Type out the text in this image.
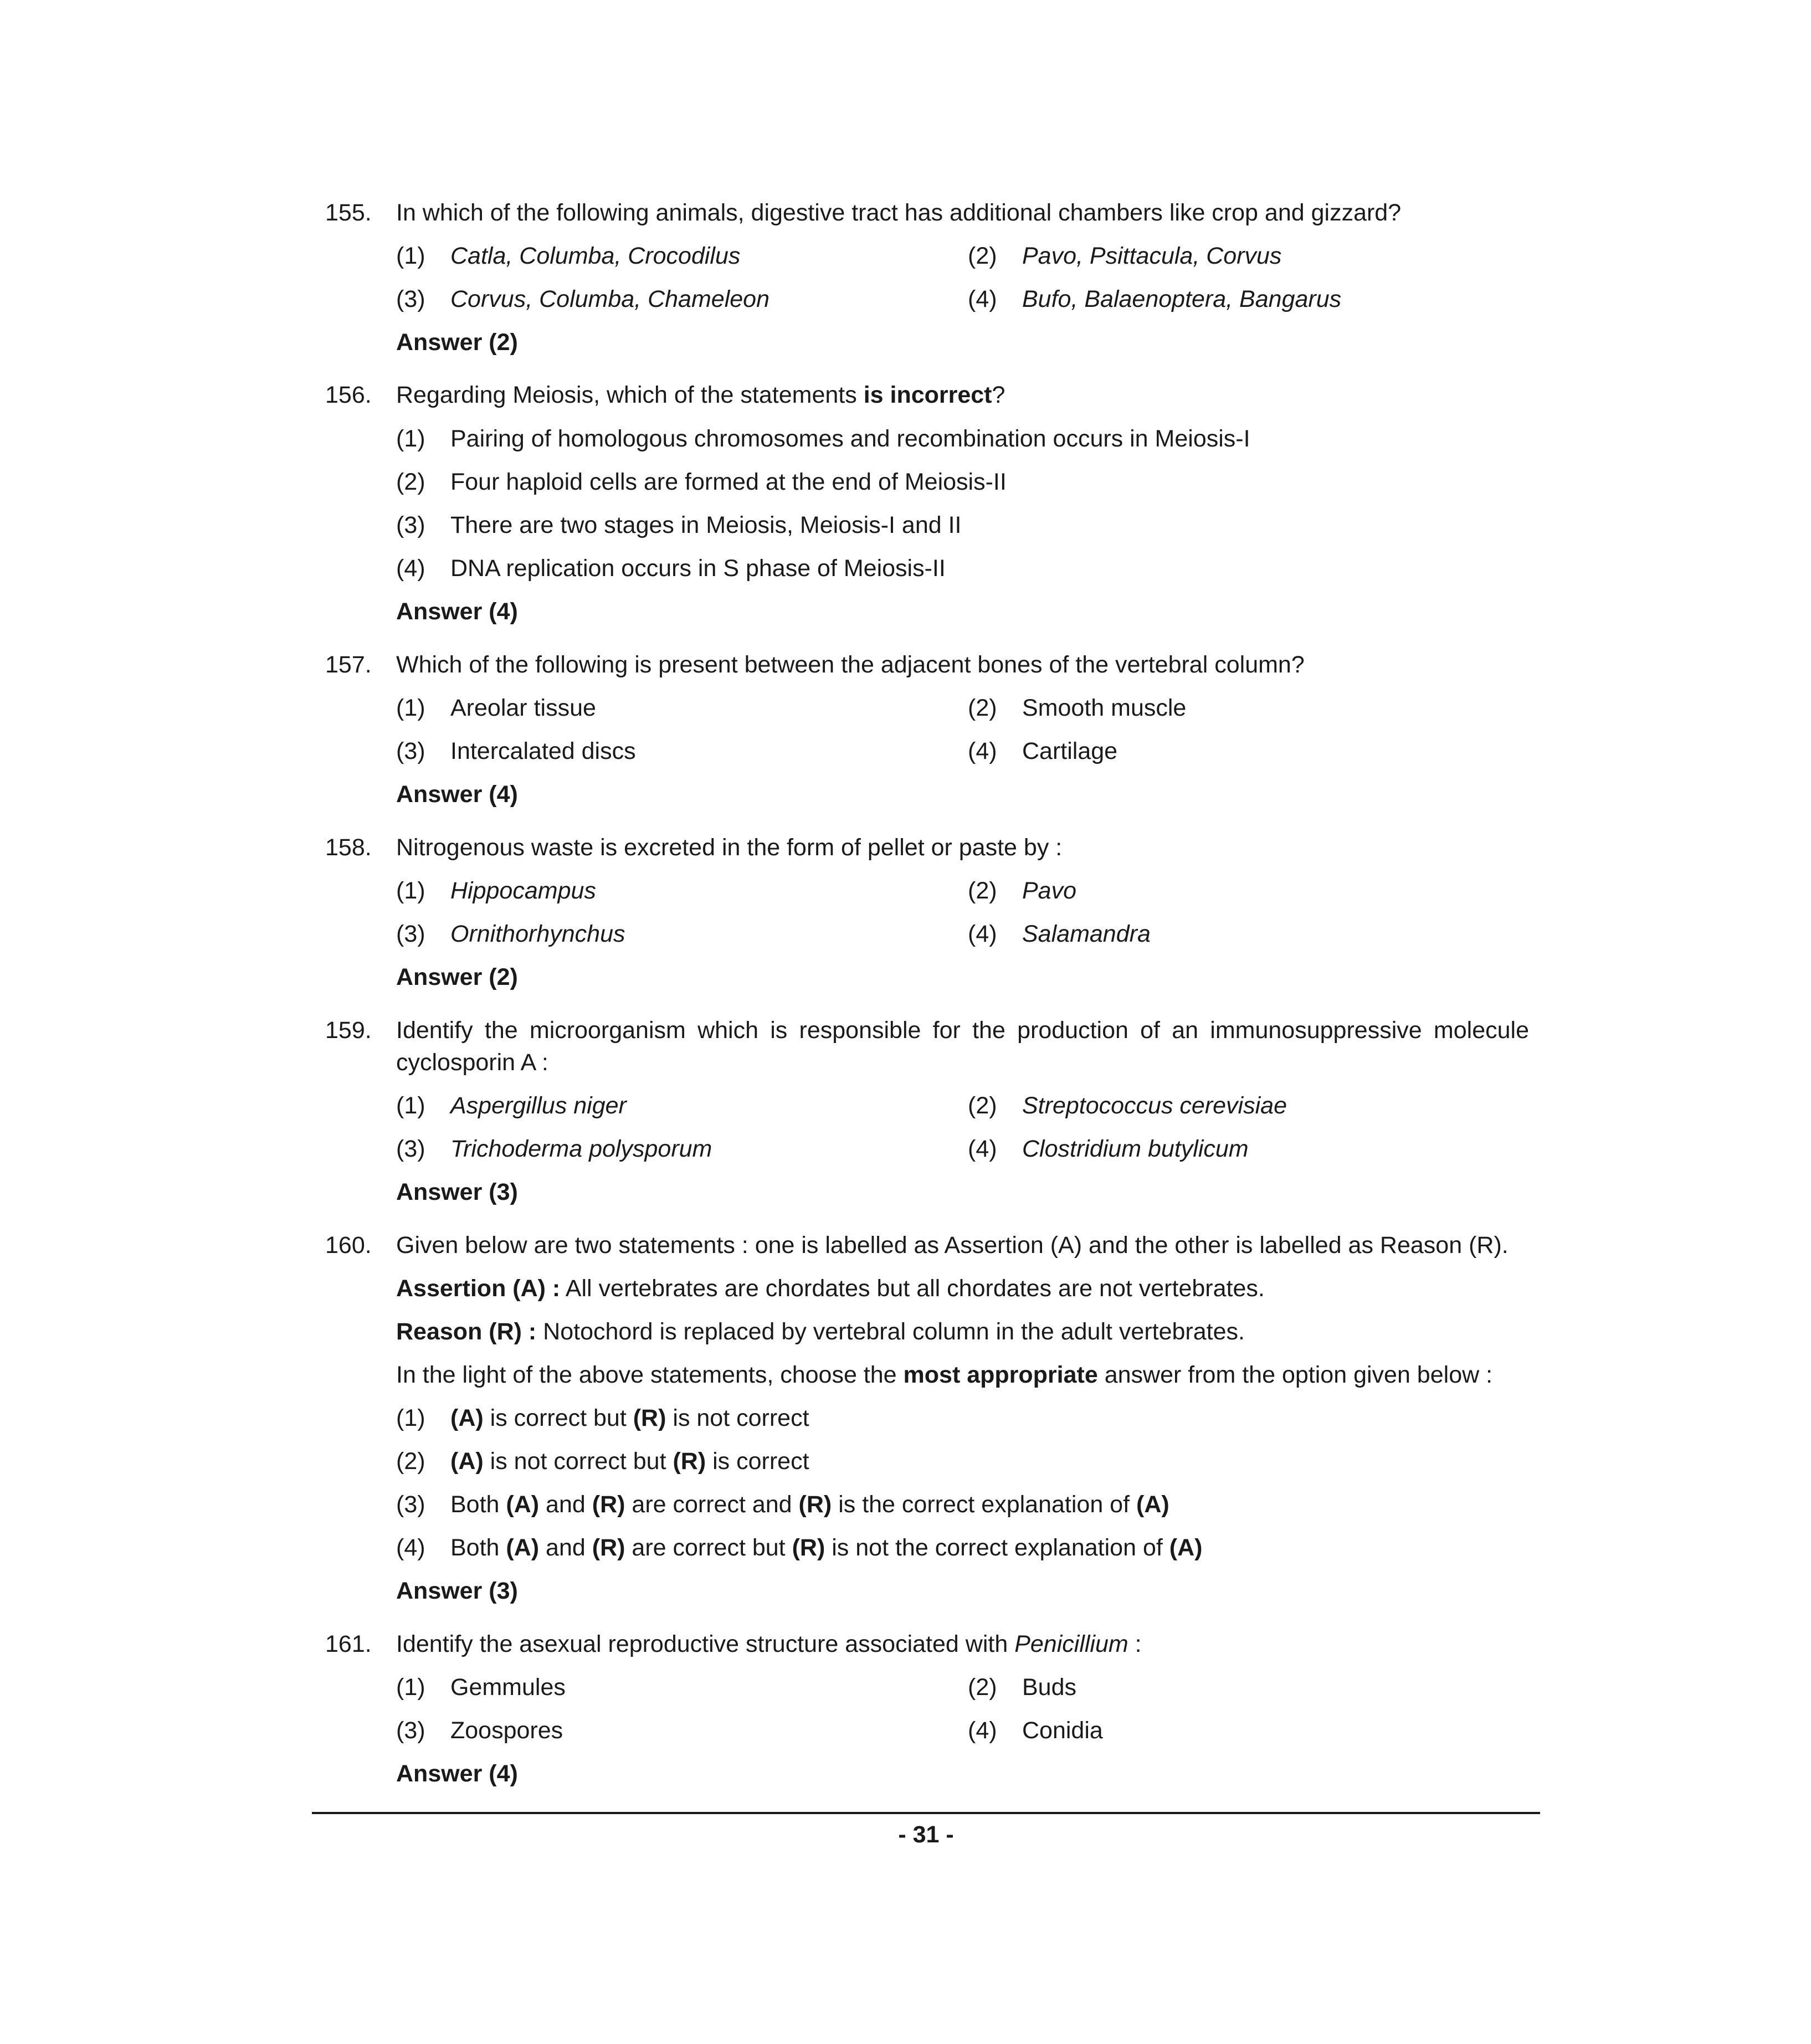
155. In which of the following animals, digestive tract has additional chambers like crop and gizzard?
(1) Catla, Columba, Crocodilus	(2) Pavo, Psittacula, Corvus
(3) Corvus, Columba, Chameleon	(4) Bufo, Balaenoptera, Bangarus
Answer (2)
156. Regarding Meiosis, which of the statements is incorrect?
(1) Pairing of homologous chromosomes and recombination occurs in Meiosis-I
(2) Four haploid cells are formed at the end of Meiosis-II
(3) There are two stages in Meiosis, Meiosis-I and II
(4) DNA replication occurs in S phase of Meiosis-II
Answer (4)
157. Which of the following is present between the adjacent bones of the vertebral column?
(1) Areolar tissue	(2) Smooth muscle
(3) Intercalated discs	(4) Cartilage
Answer (4)
158. Nitrogenous waste is excreted in the form of pellet or paste by :
(1) Hippocampus	(2) Pavo
(3) Ornithorhynchus	(4) Salamandra
Answer (2)
159. Identify the microorganism which is responsible for the production of an immunosuppressive molecule cyclosporin A :
(1) Aspergillus niger	(2) Streptococcus cerevisiae
(3) Trichoderma polysporum	(4) Clostridium butylicum
Answer (3)
160. Given below are two statements : one is labelled as Assertion (A) and the other is labelled as Reason (R).
Assertion (A) : All vertebrates are chordates but all chordates are not vertebrates.
Reason (R) : Notochord is replaced by vertebral column in the adult vertebrates.
In the light of the above statements, choose the most appropriate answer from the option given below :
(1) (A) is correct but (R) is not correct
(2) (A) is not correct but (R) is correct
(3) Both (A) and (R) are correct and (R) is the correct explanation of (A)
(4) Both (A) and (R) are correct but (R) is not the correct explanation of (A)
Answer (3)
161. Identify the asexual reproductive structure associated with Penicillium :
(1) Gemmules	(2) Buds
(3) Zoospores	(4) Conidia
Answer (4)
- 31 -
